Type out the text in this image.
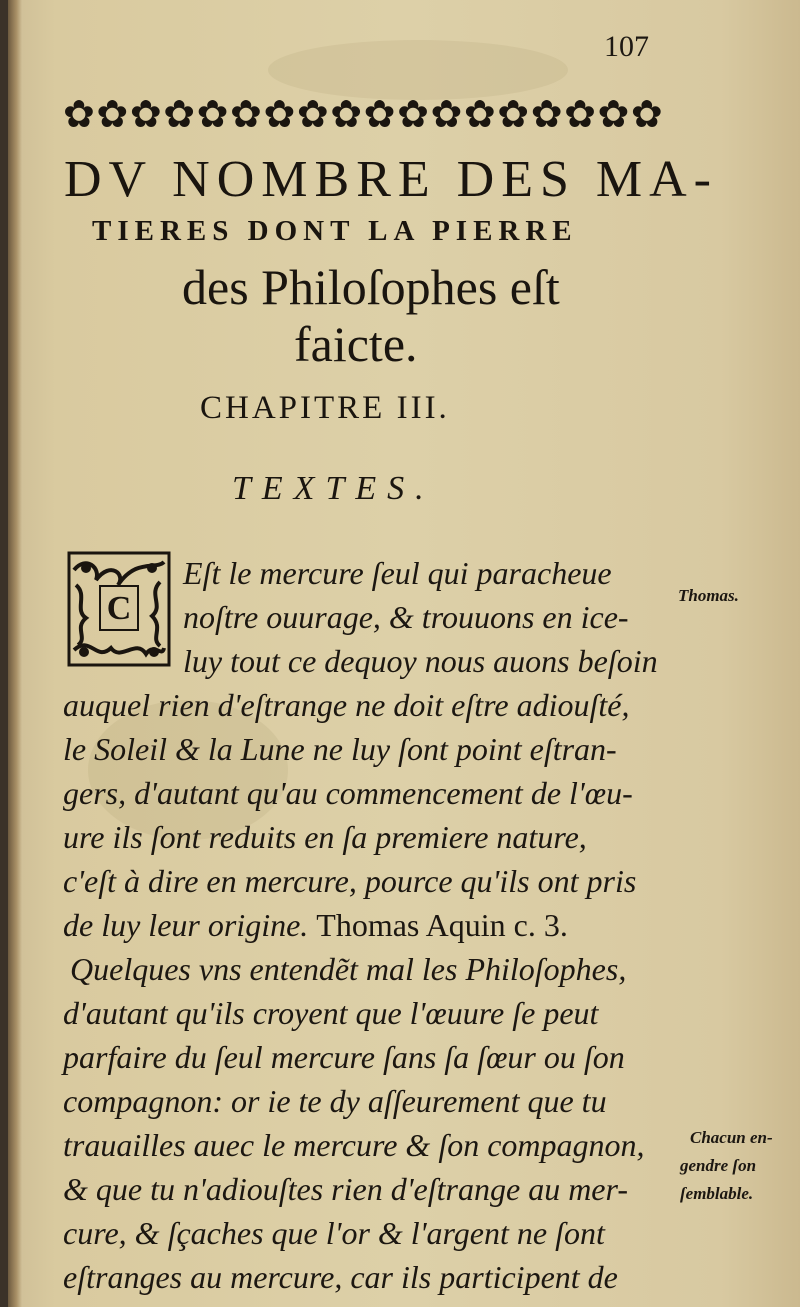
107
✿ ✿ ✿ ✿ ✿ ✿ ✿ ✿ ✿ ✿ ✿ ✿ ✿ ✿ ✿ ✿ ✿ ✿
DV NOMBRE DES MA-
TIERES DONT LA PIERRE
des Philoſophes eſt
faicte.
CHAPITRE III.
TEXTES.
C
Eſt le mercure ſeul qui paracheue
noſtre ouurage, & trouuons en ice-
luy tout ce dequoy nous auons beſoin
auquel rien d'eſtrange ne doit eſtre adiouſté,
le Soleil & la Lune ne luy ſont point eſtran-
gers, d'autant qu'au commencement de l'œu-
ure ils ſont reduits en ſa premiere nature,
c'eſt à dire en mercure, pource qu'ils ont pris
de luy leur origine. Thomas Aquin c. 3.
Quelques vns entendẽt mal les Philoſophes,
d'autant qu'ils croyent que l'œuure ſe peut
parfaire du ſeul mercure ſans ſa ſœur ou ſon
compagnon: or ie te dy aſſeurement que tu
trauailles auec le mercure & ſon compagnon,
& que tu n'adiouſtes rien d'eſtrange au mer-
cure, & ſçaches que l'or & l'argent ne ſont
eſtranges au mercure, car ils participent de
Thomas.
Chacun en-
gendre ſon
ſemblable.
